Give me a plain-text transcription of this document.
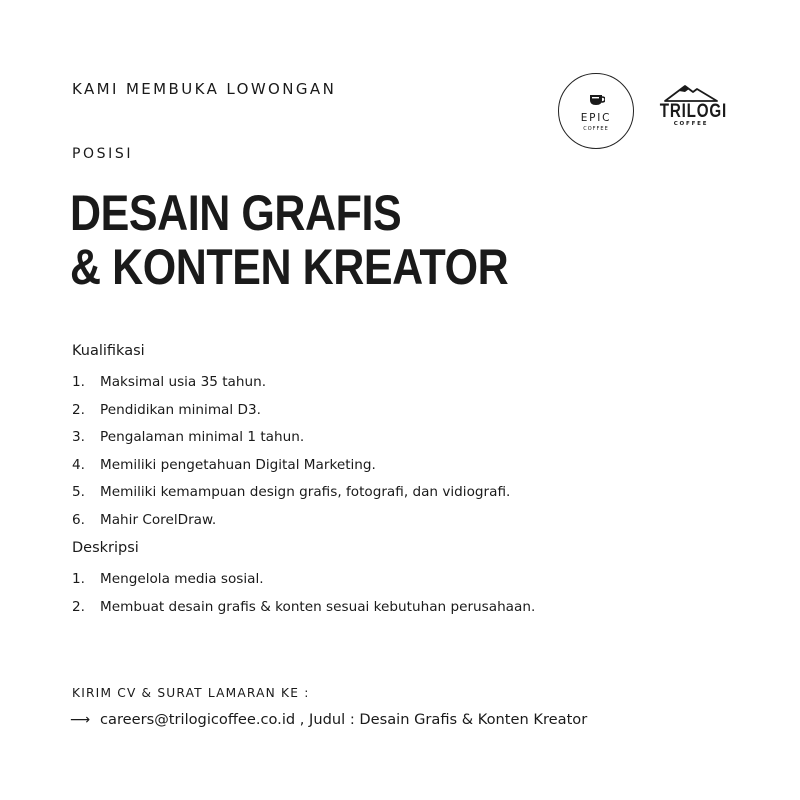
KAMI MEMBUKA LOWONGAN
EPIC
COFFEE
TRILOGI
COFFEE
POSISI
DESAIN GRAFIS
& KONTEN KREATOR
Kualifikasi
1.	Maksimal usia 35 tahun.
2.	Pendidikan minimal D3.
3.	Pengalaman minimal 1 tahun.
4.	Memiliki pengetahuan Digital Marketing.
5.	Memiliki kemampuan design grafis, fotografi, dan vidiografi.
6.	Mahir CorelDraw.
Deskripsi
1.	Mengelola media sosial.
2.	Membuat desain grafis & konten sesuai kebutuhan perusahaan.
KIRIM CV & SURAT LAMARAN KE :
⟶ careers@trilogicoffee.co.id , Judul : Desain Grafis & Konten Kreator
